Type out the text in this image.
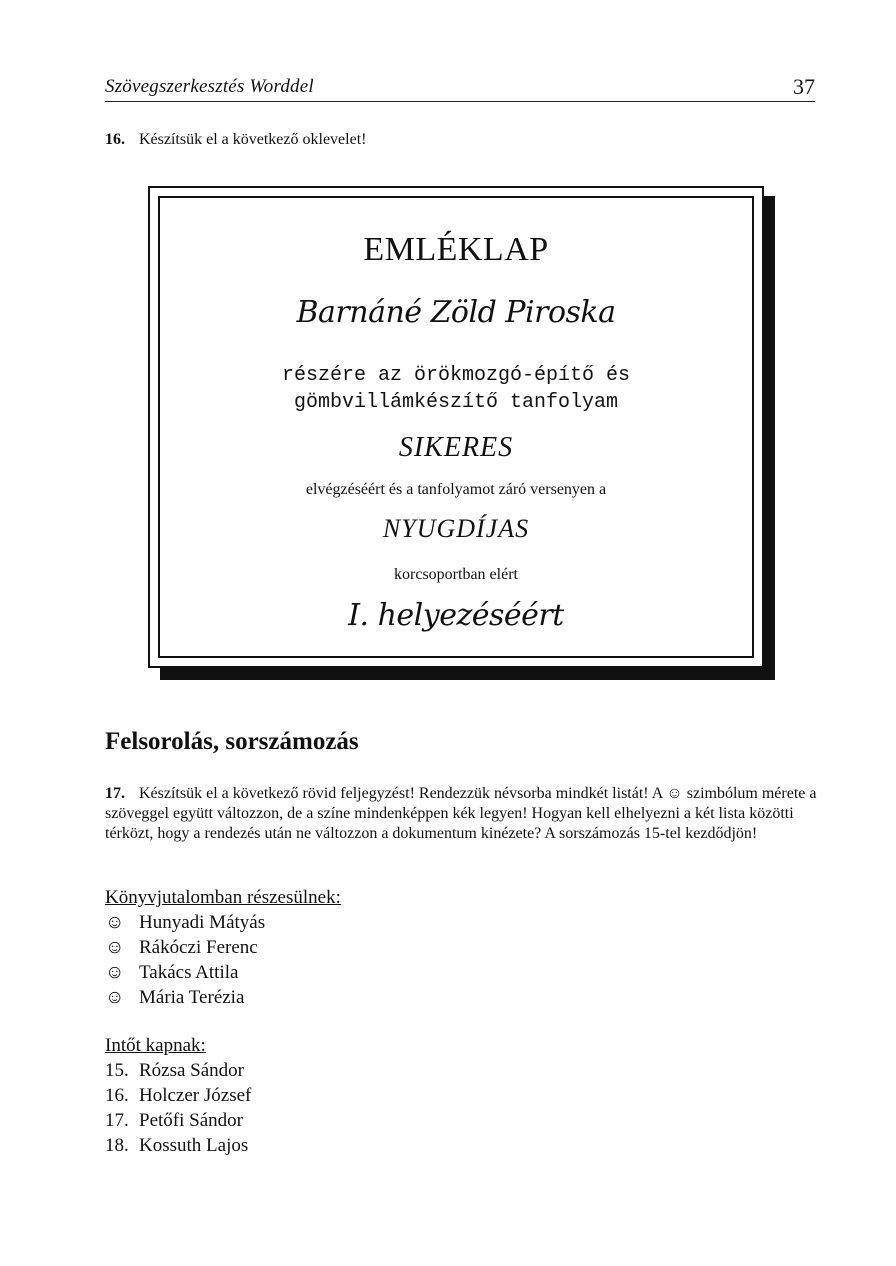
Szövegszerkesztés Worddel	37
16. Készítsük el a következő oklevelet!
EMLÉKLAP
Barnáné Zöld Piroska
részére az örökmozgó-építő és
gömbvillámkészítő tanfolyam
SIKERES
elvégzéséért és a tanfolyamot záró versenyen a
NYUGDÍJAS
korcsoportban elért
I. helyezéséért
Felsorolás, sorszámozás
17. Készítsük el a következő rövid feljegyzést! Rendezzük névsorba mindkét listát! A ☺ szimbólum mérete a szöveggel együtt változzon, de a színe mindenképpen kék legyen! Hogyan kell elhelyezni a két lista közötti térközt, hogy a rendezés után ne változzon a dokumentum kinézete? A sorszámozás 15-tel kezdődjön!
Könyvjutalomban részesülnek:
☺ Hunyadi Mátyás
☺ Rákóczi Ferenc
☺ Takács Attila
☺ Mária Terézia
Intőt kapnak:
15. Rózsa Sándor
16. Holczer József
17. Petőfi Sándor
18. Kossuth Lajos
